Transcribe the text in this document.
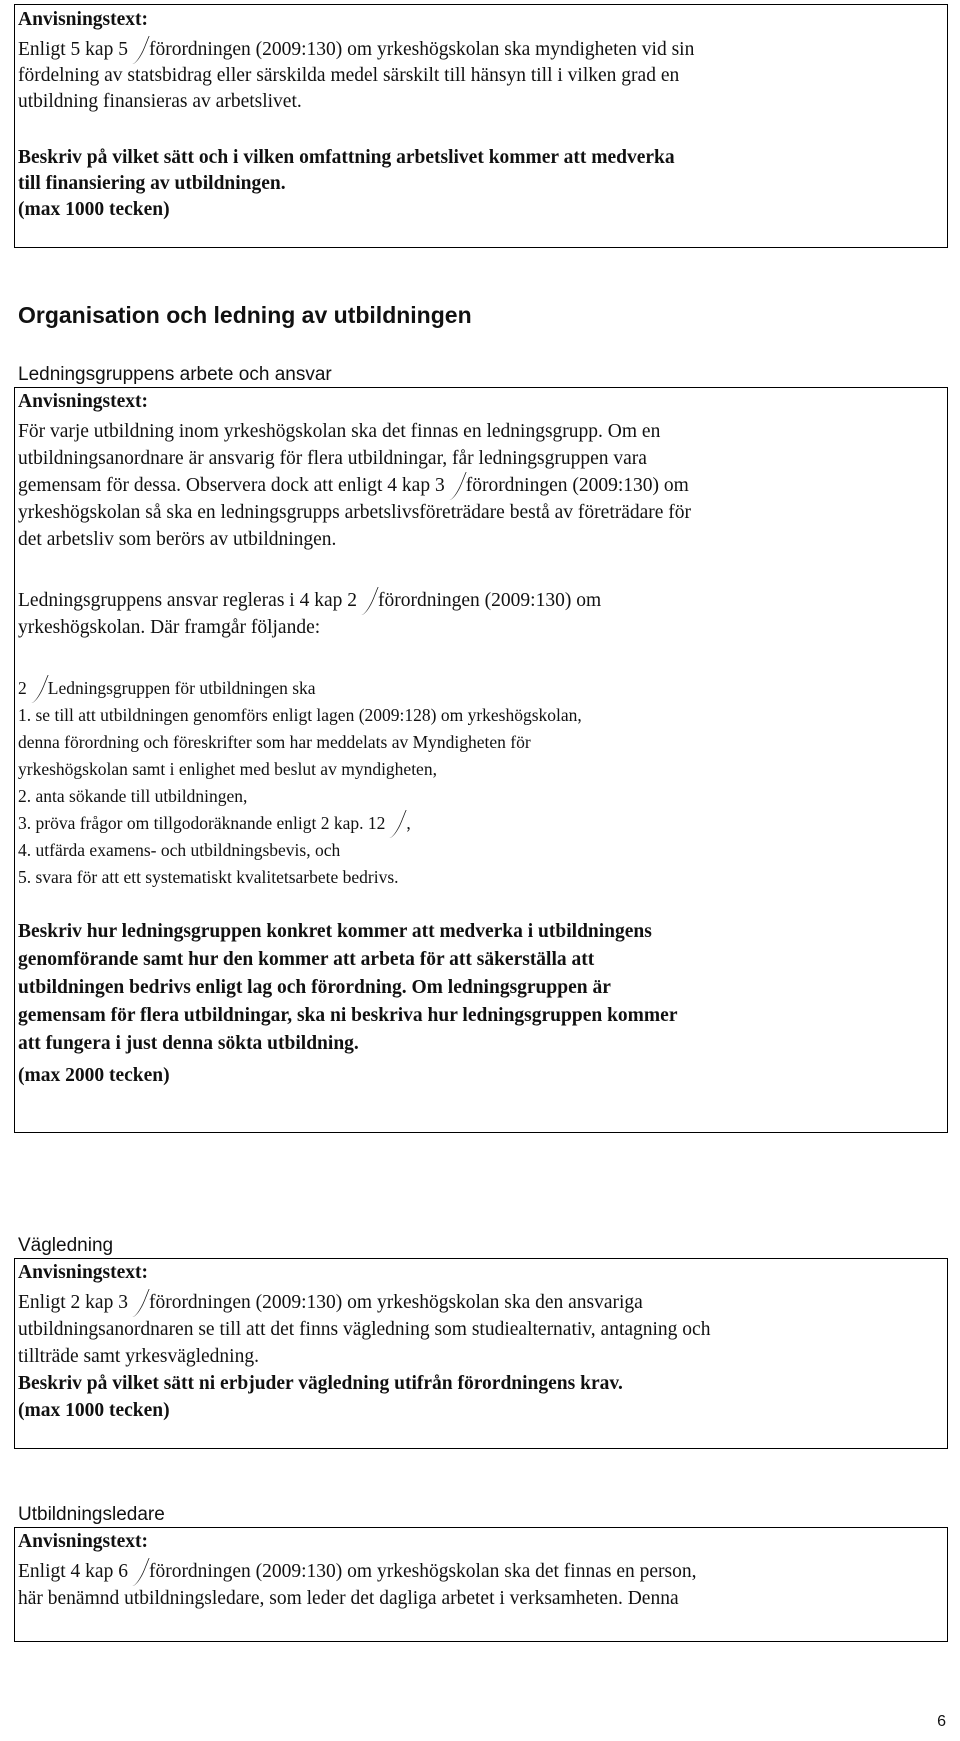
Anvisningstext:
Enligt 5 kap 5 förordningen (2009:130) om yrkeshögskolan ska myndigheten vid sin
fördelning av statsbidrag eller särskilda medel särskilt till hänsyn till i vilken grad en
utbildning finansieras av arbetslivet.
Beskriv på vilket sätt och i vilken omfattning arbetslivet kommer att medverka
till finansiering av utbildningen.
(max 1000 tecken)
Organisation och ledning av utbildningen
Ledningsgruppens arbete och ansvar
Anvisningstext:
För varje utbildning inom yrkeshögskolan ska det finnas en ledningsgrupp. Om en
utbildningsanordnare är ansvarig för flera utbildningar, får ledningsgruppen vara
gemensam för dessa. Observera dock att enligt 4 kap 3 förordningen (2009:130) om
yrkeshögskolan så ska en ledningsgrupps arbetslivsföreträdare bestå av företrädare för
det arbetsliv som berörs av utbildningen.
Ledningsgruppens ansvar regleras i 4 kap 2 förordningen (2009:130) om
yrkeshögskolan. Där framgår följande:
2 Ledningsgruppen för utbildningen ska
1. se till att utbildningen genomförs enligt lagen (2009:128) om yrkeshögskolan,
denna förordning och föreskrifter som har meddelats av Myndigheten för
yrkeshögskolan samt i enlighet med beslut av myndigheten,
2. anta sökande till utbildningen,
3. pröva frågor om tillgodoräknande enligt 2 kap. 12 ,
4. utfärda examens- och utbildningsbevis, och
5. svara för att ett systematiskt kvalitetsarbete bedrivs.
Beskriv hur ledningsgruppen konkret kommer att medverka i utbildningens
genomförande samt hur den kommer att arbeta för att säkerställa att
utbildningen bedrivs enligt lag och förordning. Om ledningsgruppen är
gemensam för flera utbildningar, ska ni beskriva hur ledningsgruppen kommer
att fungera i just denna sökta utbildning.
(max 2000 tecken)
Vägledning
Anvisningstext:
Enligt 2 kap 3 förordningen (2009:130) om yrkeshögskolan ska den ansvariga
utbildningsanordnaren se till att det finns vägledning som studiealternativ, antagning och
tillträde samt yrkesvägledning.
Beskriv på vilket sätt ni erbjuder vägledning utifrån förordningens krav.
(max 1000 tecken)
Utbildningsledare
Anvisningstext:
Enligt 4 kap 6 förordningen (2009:130) om yrkeshögskolan ska det finnas en person,
här benämnd utbildningsledare, som leder det dagliga arbetet i verksamheten. Denna
6
